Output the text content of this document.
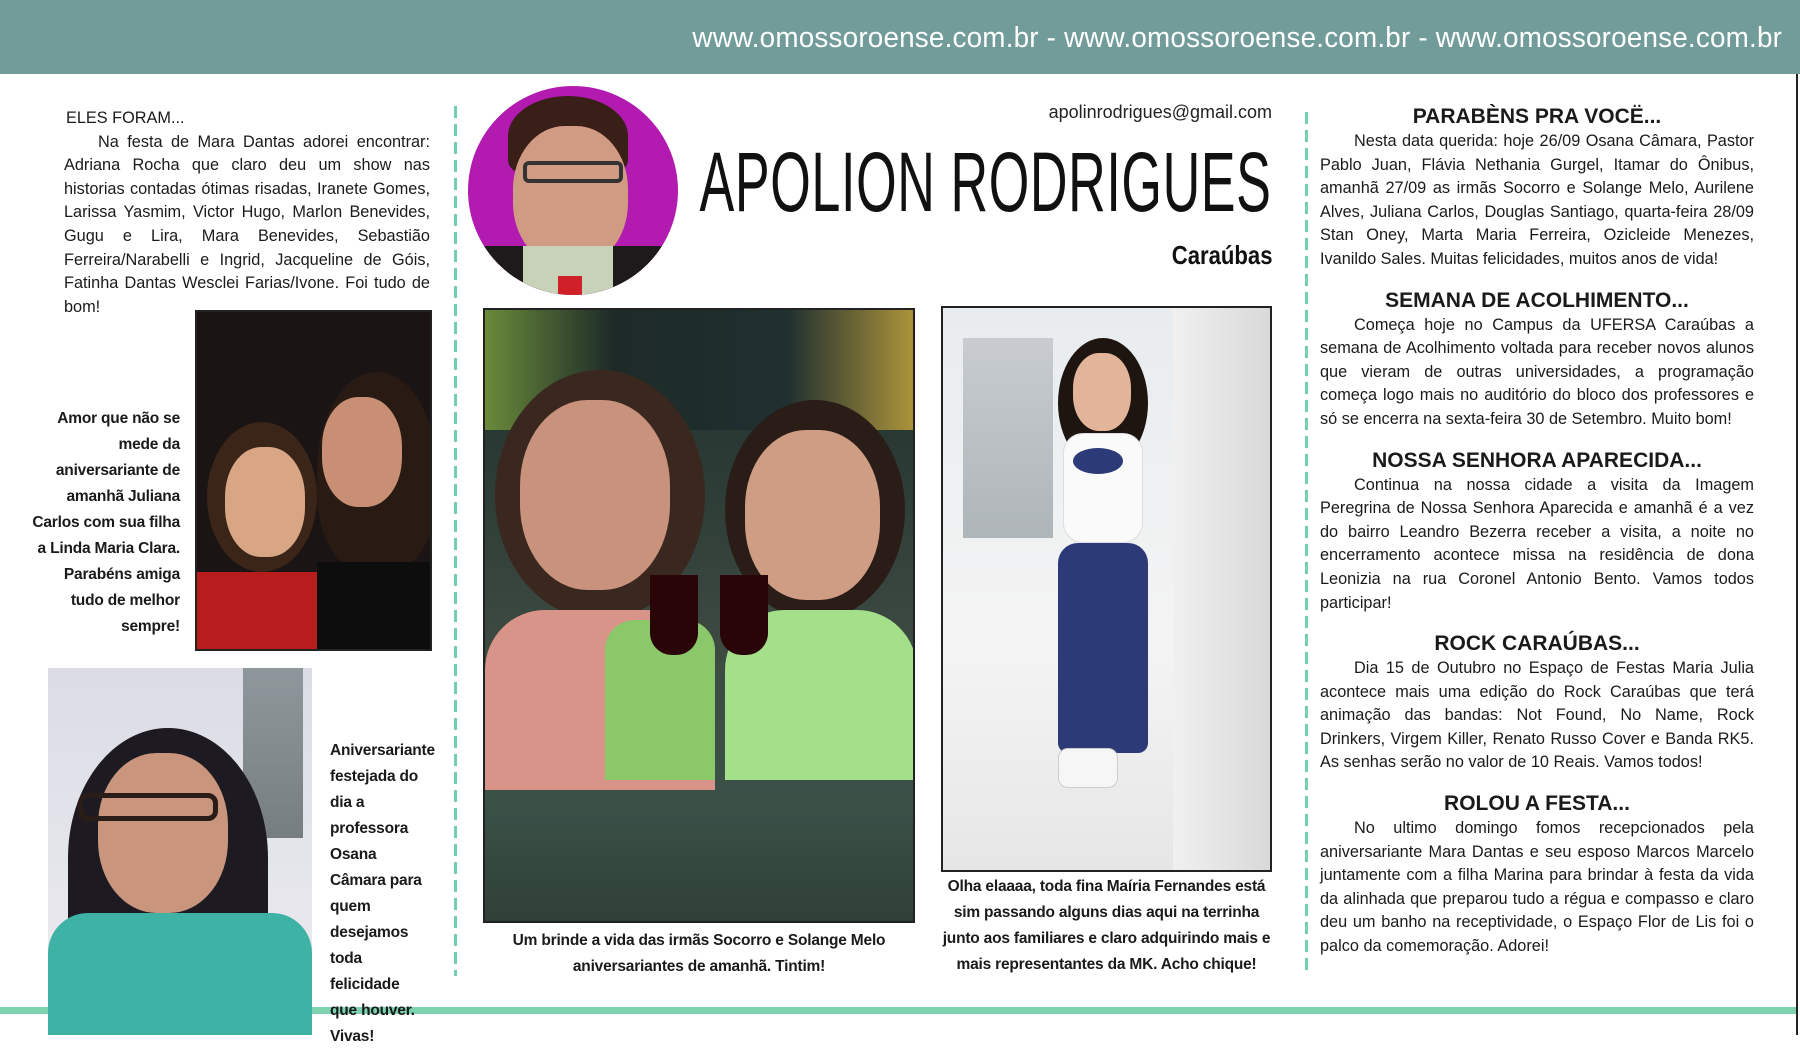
www.omossoroense.com.br - www.omossoroense.com.br - www.omossoroense.com.br
ELES FORAM...

Na festa de Mara Dantas adorei encontrar: Adriana Rocha que claro deu um show nas historias contadas ótimas risadas, Iranete Gomes, Larissa Yasmim, Victor Hugo, Marlon Benevides, Gugu e Lira, Mara Benevides, Sebastião Ferreira/Narabelli e Ingrid, Jacqueline de Góis, Fatinha Dantas Wesclei Farias/Ivone. Foi tudo de bom!

Amor que não se mede da aniversariante de amanhã Juliana Carlos com sua filha a Linda Maria Clara. Parabéns amiga tudo de melhor sempre!
Aniversariante festejada do dia a professora Osana Câmara para quem desejamos toda felicidade que houver. Vivas!
apolinrodrigues@gmail.com
APOLION RODRIGUES
Caraúbas
Um brinde a vida das irmãs Socorro e Solange Melo aniversariantes de amanhã. Tintim!
Olha elaaaa, toda fina Maíria Fernandes está sim passando alguns dias aqui na terrinha junto aos familiares e claro adquirindo mais e mais representantes da MK. Acho chique!
PARABÈNS PRA VOCË...

Nesta data querida: hoje 26/09 Osana Câmara, Pastor Pablo Juan, Flávia Nethania Gurgel, Itamar do Ônibus, amanhã 27/09 as irmãs Socorro e Solange Melo, Aurilene Alves, Juliana Carlos, Douglas Santiago, quarta-feira 28/09 Stan Oney, Marta Maria Ferreira, Ozicleide Menezes, Ivanildo Sales. Muitas felicidades, muitos anos de vida!

SEMANA DE ACOLHIMENTO...

Começa hoje no Campus da UFERSA Caraúbas a semana de Acolhimento voltada para receber novos alunos que vieram de outras universidades, a programação começa logo mais no auditório do bloco dos professores e só se encerra na sexta-feira 30 de Setembro. Muito bom!

NOSSA SENHORA APARECIDA...

Continua na nossa cidade a visita da Imagem Peregrina de Nossa Senhora Aparecida e amanhã é a vez do bairro Leandro Bezerra receber a visita, a noite no encerramento acontece missa na residência de dona Leonizia na rua Coronel Antonio Bento. Vamos todos participar!

ROCK CARAÚBAS...

Dia 15 de Outubro no Espaço de Festas Maria Julia acontece mais uma edição do Rock Caraúbas que terá animação das bandas: Not Found, No Name, Rock Drinkers, Virgem Killer, Renato Russo Cover e Banda RK5. As senhas serão no valor de 10 Reais. Vamos todos!

ROLOU A FESTA...

No ultimo domingo fomos recepcionados pela aniversariante Mara Dantas e seu esposo Marcos Marcelo juntamente com a filha Marina para brindar à festa da vida da alinhada que preparou tudo a régua e compasso e claro deu um banho na receptividade, o Espaço Flor de Lis foi o palco da comemoração. Adorei!
